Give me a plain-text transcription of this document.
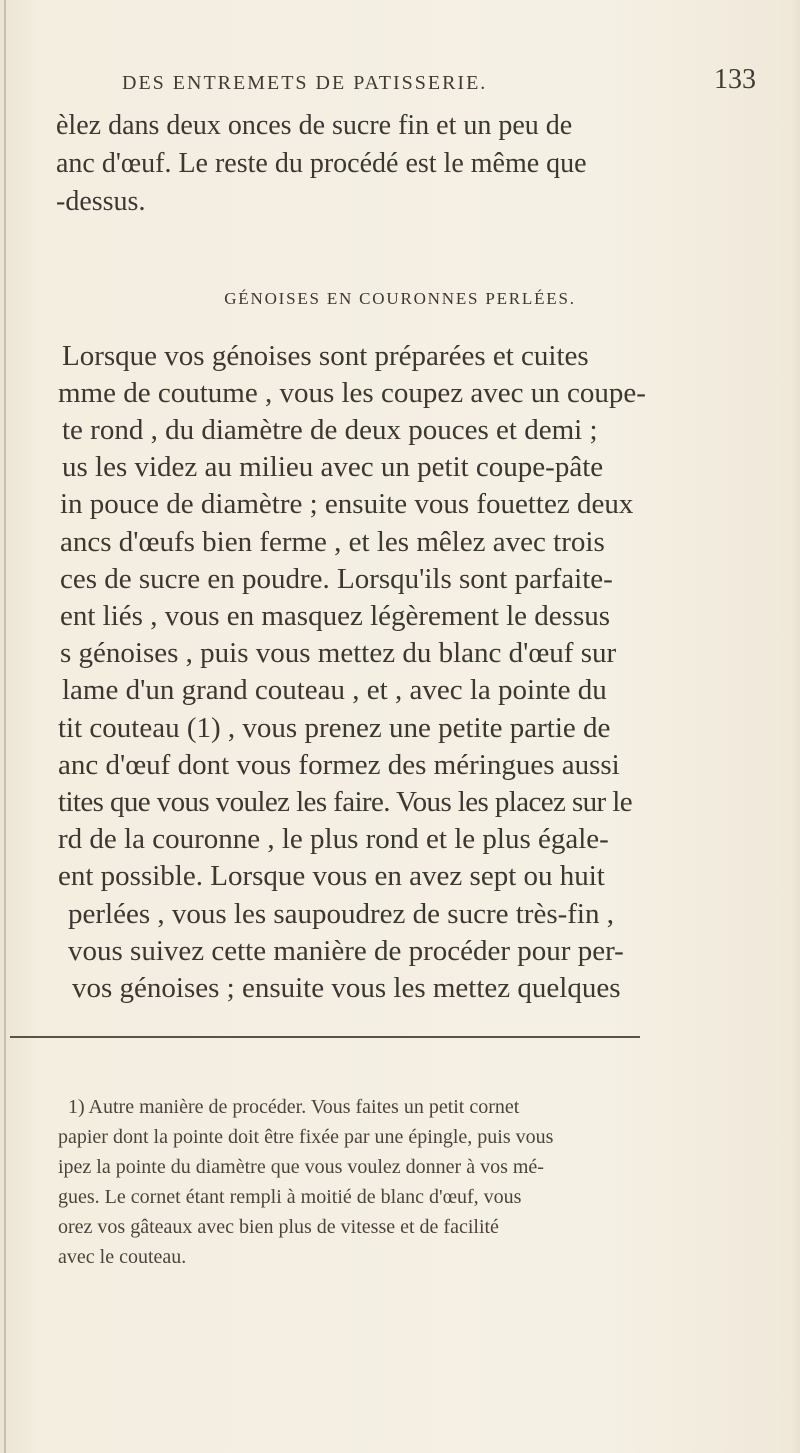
DES ENTREMETS DE PATISSERIE.	133
èlez dans deux onces de sucre fin et un peu de
anc d'œuf. Le reste du procédé est le même que
-dessus.
GÉNOISES EN COURONNES PERLÉES.
Lorsque vos génoises sont préparées et cuites
mme de coutume , vous les coupez avec un coupe-
te rond , du diamètre de deux pouces et demi ;
us les videz au milieu avec un petit coupe-pâte
in pouce de diamètre ; ensuite vous fouettez deux
ancs d'œufs bien ferme , et les mêlez avec trois
ces de sucre en poudre. Lorsqu'ils sont parfaite-
ent liés , vous en masquez légèrement le dessus
s génoises , puis vous mettez du blanc d'œuf sur
lame d'un grand couteau , et , avec la pointe du
tit couteau (1) , vous prenez une petite partie de
anc d'œuf dont vous formez des méringues aussi
tites que vous voulez les faire. Vous les placez sur le
rd de la couronne , le plus rond et le plus égale-
ent possible. Lorsque vous en avez sept ou huit
perlées , vous les saupoudrez de sucre très-fin ,
vous suivez cette manière de procéder pour per-
vos génoises ; ensuite vous les mettez quelques
1) Autre manière de procéder. Vous faites un petit cornet
papier dont la pointe doit être fixée par une épingle, puis vous
ipez la pointe du diamètre que vous voulez donner à vos mé-
gues. Le cornet étant rempli à moitié de blanc d'œuf, vous
orez vos gâteaux avec bien plus de vitesse et de facilité
avec le couteau.
